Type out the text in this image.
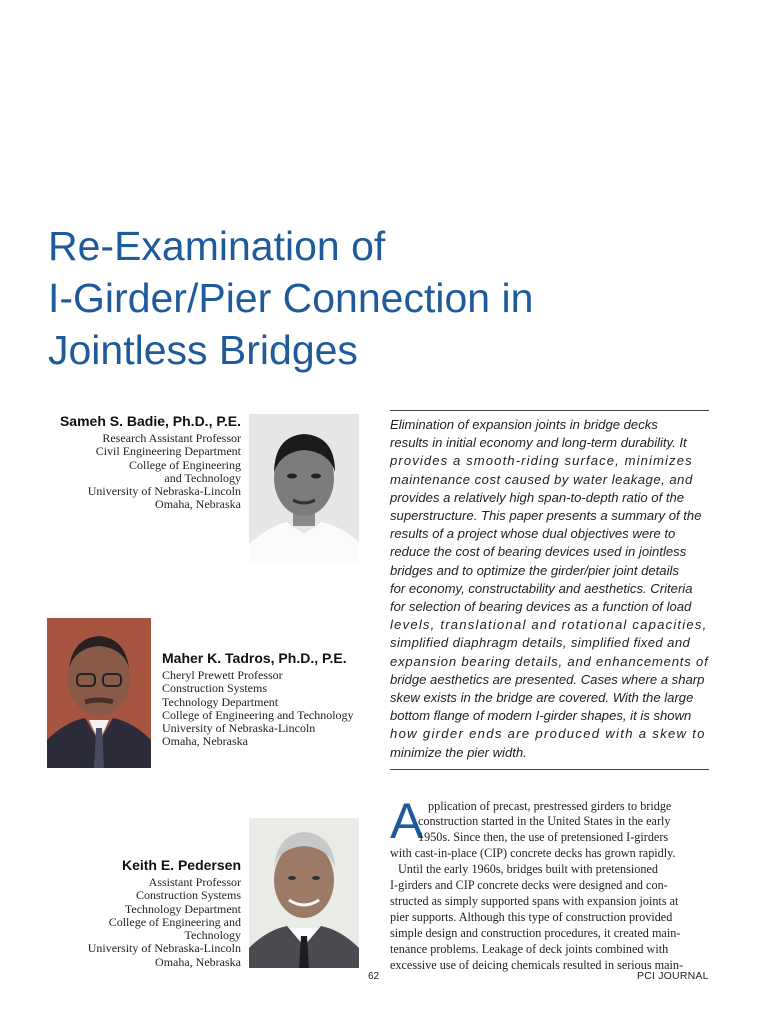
Re-Examination of
I-Girder/Pier Connection in
Jointless Bridges
Sameh S. Badie, Ph.D., P.E.
Research Assistant Professor
Civil Engineering Department
College of Engineering
and Technology
University of Nebraska-Lincoln
Omaha, Nebraska
Maher K. Tadros, Ph.D., P.E.
Cheryl Prewett Professor
Construction Systems
Technology Department
College of Engineering and Technology
University of Nebraska-Lincoln
Omaha, Nebraska
Keith E. Pedersen
Assistant Professor
Construction Systems
Technology Department
College of Engineering and
Technology
University of Nebraska-Lincoln
Omaha, Nebraska
Elimination of expansion joints in bridge decks
results in initial economy and long-term durability. It
provides a smooth-riding surface, minimizes
maintenance cost caused by water leakage, and
provides a relatively high span-to-depth ratio of the
superstructure. This paper presents a summary of the
results of a project whose dual objectives were to
reduce the cost of bearing devices used in jointless
bridges and to optimize the girder/pier joint details
for economy, constructability and aesthetics. Criteria
for selection of bearing devices as a function of load
levels, translational and rotational capacities,
simplified diaphragm details, simplified fixed and
expansion bearing details, and enhancements of
bridge aesthetics are presented. Cases where a sharp
skew exists in the bridge are covered. With the large
bottom flange of modern I-girder shapes, it is shown
how girder ends are produced with a skew to
minimize the pier width.
A pplication of precast, prestressed girders to bridge
construction started in the United States in the early
1950s. Since then, the use of pretensioned I-girders
with cast-in-place (CIP) concrete decks has grown rapidly.
Until the early 1960s, bridges built with pretensioned
I-girders and CIP concrete decks were designed and con-
structed as simply supported spans with expansion joints at
pier supports. Although this type of construction provided
simple design and construction procedures, it created main-
tenance problems. Leakage of deck joints combined with
excessive use of deicing chemicals resulted in serious main-
62	PCI JOURNAL
